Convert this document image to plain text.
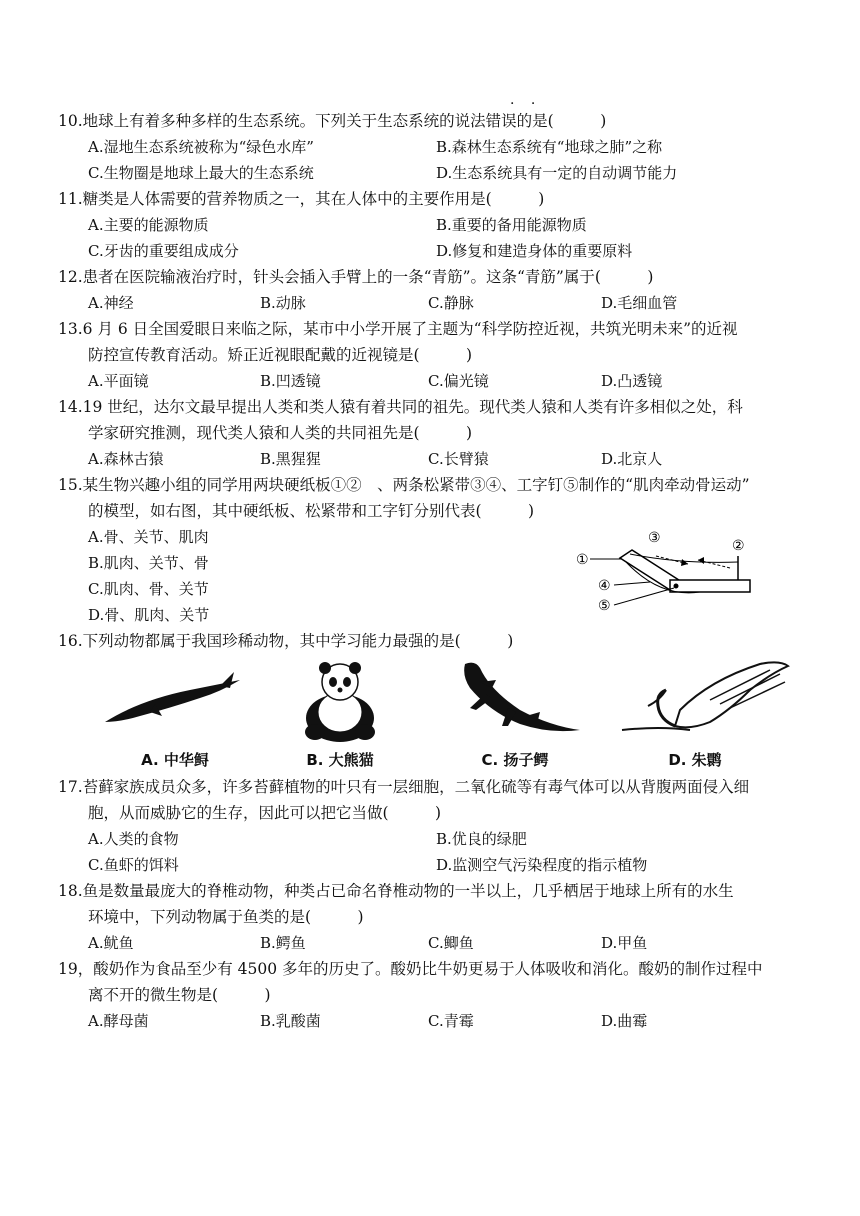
· ·
10.地球上有着多种多样的生态系统。下列关于生态系统的说法错误的是(　　　)
A.湿地生态系统被称为“绿色水库”	B.森林生态系统有“地球之肺”之称
C.生物圈是地球上最大的生态系统	D.生态系统具有一定的自动调节能力
11.糖类是人体需要的营养物质之一，其在人体中的主要作用是(　　　)
A.主要的能源物质	B.重要的备用能源物质
C.牙齿的重要组成成分	D.修复和建造身体的重要原料
12.患者在医院输液治疗时，针头会插入手臂上的一条“青筋”。这条“青筋”属于(　　　)
A.神经	B.动脉	C.静脉	D.毛细血管
13.6 月 6 日全国爱眼日来临之际，某市中小学开展了主题为“科学防控近视，共筑光明未来”的近视
防控宣传教育活动。矫正近视眼配戴的近视镜是(　　　)
A.平面镜	B.凹透镜	C.偏光镜	D.凸透镜
14.19 世纪，达尔文最早提出人类和类人猿有着共同的祖先。现代类人猿和人类有许多相似之处，科
学家研究推测，现代类人猿和人类的共同祖先是(　　　)
A.森林古猿	B.黑猩猩	C.长臂猿	D.北京人
15.某生物兴趣小组的同学用两块硬纸板①②　、两条松紧带③④、工字钉⑤制作的“肌肉牵动骨运动”
的模型，如右图，其中硬纸板、松紧带和工字钉分别代表(　　　)
A.骨、关节、肌肉
B.肌肉、关节、骨
C.肌肉、骨、关节
D.骨、肌肉、关节
①
②
③
④
⑤
16.下列动物都属于我国珍稀动物，其中学习能力最强的是(　　　)
A. 中华鲟	B. 大熊猫	C. 扬子鳄	D. 朱鹮
17.苔藓家族成员众多，许多苔藓植物的叶只有一层细胞，二氧化硫等有毒气体可以从背腹两面侵入细
胞，从而威胁它的生存，因此可以把它当做(　　　)
A.人类的食物	B.优良的绿肥
C.鱼虾的饵料	D.监测空气污染程度的指示植物
18.鱼是数量最庞大的脊椎动物，种类占已命名脊椎动物的一半以上，几乎栖居于地球上所有的水生
环境中，下列动物属于鱼类的是(　　　)
A.鱿鱼	B.鳄鱼	C.鲫鱼	D.甲鱼
19，酸奶作为食品至少有 4500 多年的历史了。酸奶比牛奶更易于人体吸收和消化。酸奶的制作过程中
离不开的微生物是(　　　)
A.酵母菌	B.乳酸菌	C.青霉	D.曲霉
